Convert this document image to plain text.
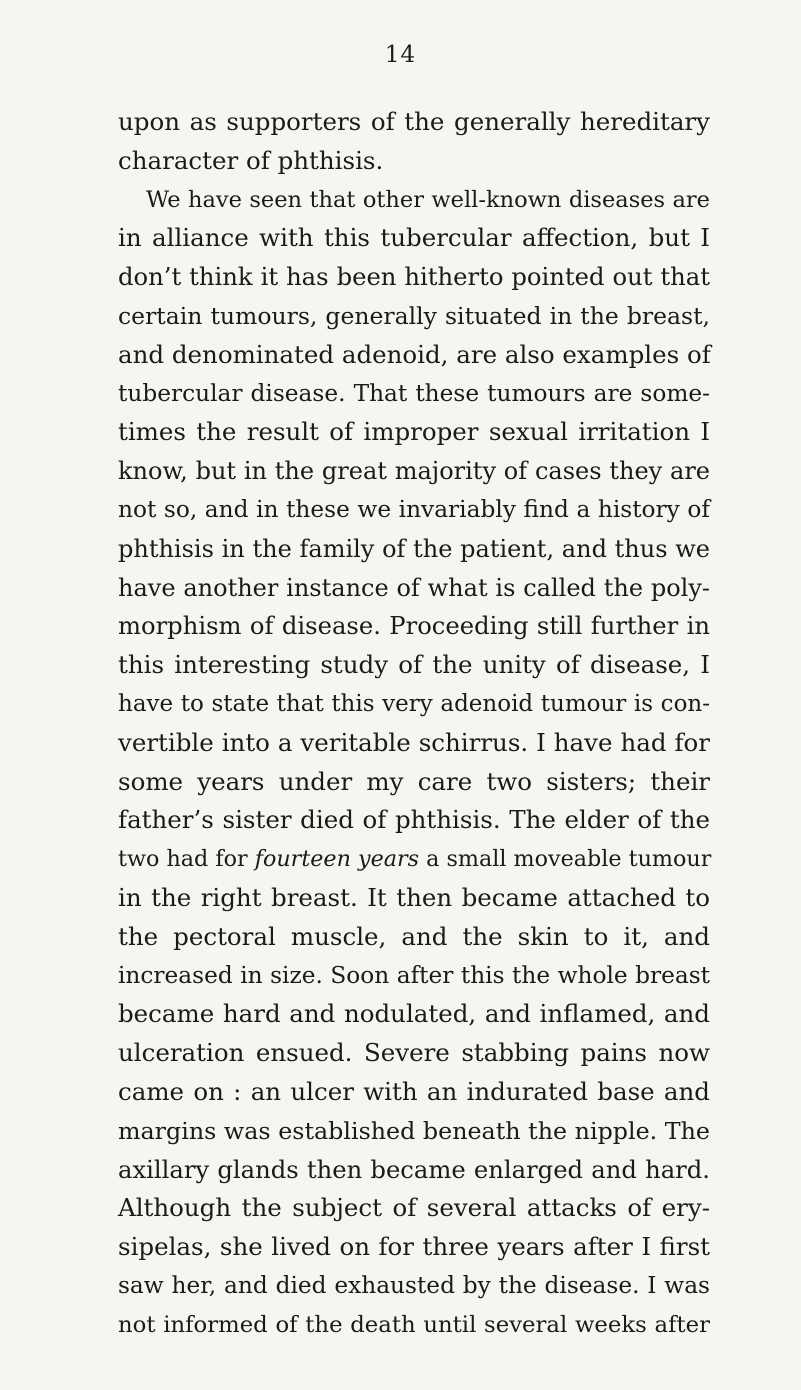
14
upon as supporters of the generally hereditary
character of phthisis.
We have seen that other well-known diseases are
in alliance with this tubercular affection, but I
don’t think it has been hitherto pointed out that
certain tumours, generally situated in the breast,
and denominated adenoid, are also examples of
tubercular disease. That these tumours are some-
times the result of improper sexual irritation I
know, but in the great majority of cases they are
not so, and in these we invariably find a history of
phthisis in the family of the patient, and thus we
have another instance of what is called the poly-
morphism of disease. Proceeding still further in
this interesting study of the unity of disease, I
have to state that this very adenoid tumour is con-
vertible into a veritable schirrus. I have had for
some years under my care two sisters; their
father’s sister died of phthisis. The elder of the
two had for fourteen years a small moveable tumour
in the right breast. It then became attached to
the pectoral muscle, and the skin to it, and
increased in size. Soon after this the whole breast
became hard and nodulated, and inflamed, and
ulceration ensued. Severe stabbing pains now
came on : an ulcer with an indurated base and
margins was established beneath the nipple. The
axillary glands then became enlarged and hard.
Although the subject of several attacks of ery-
sipelas, she lived on for three years after I first
saw her, and died exhausted by the disease. I was
not informed of the death until several weeks after
